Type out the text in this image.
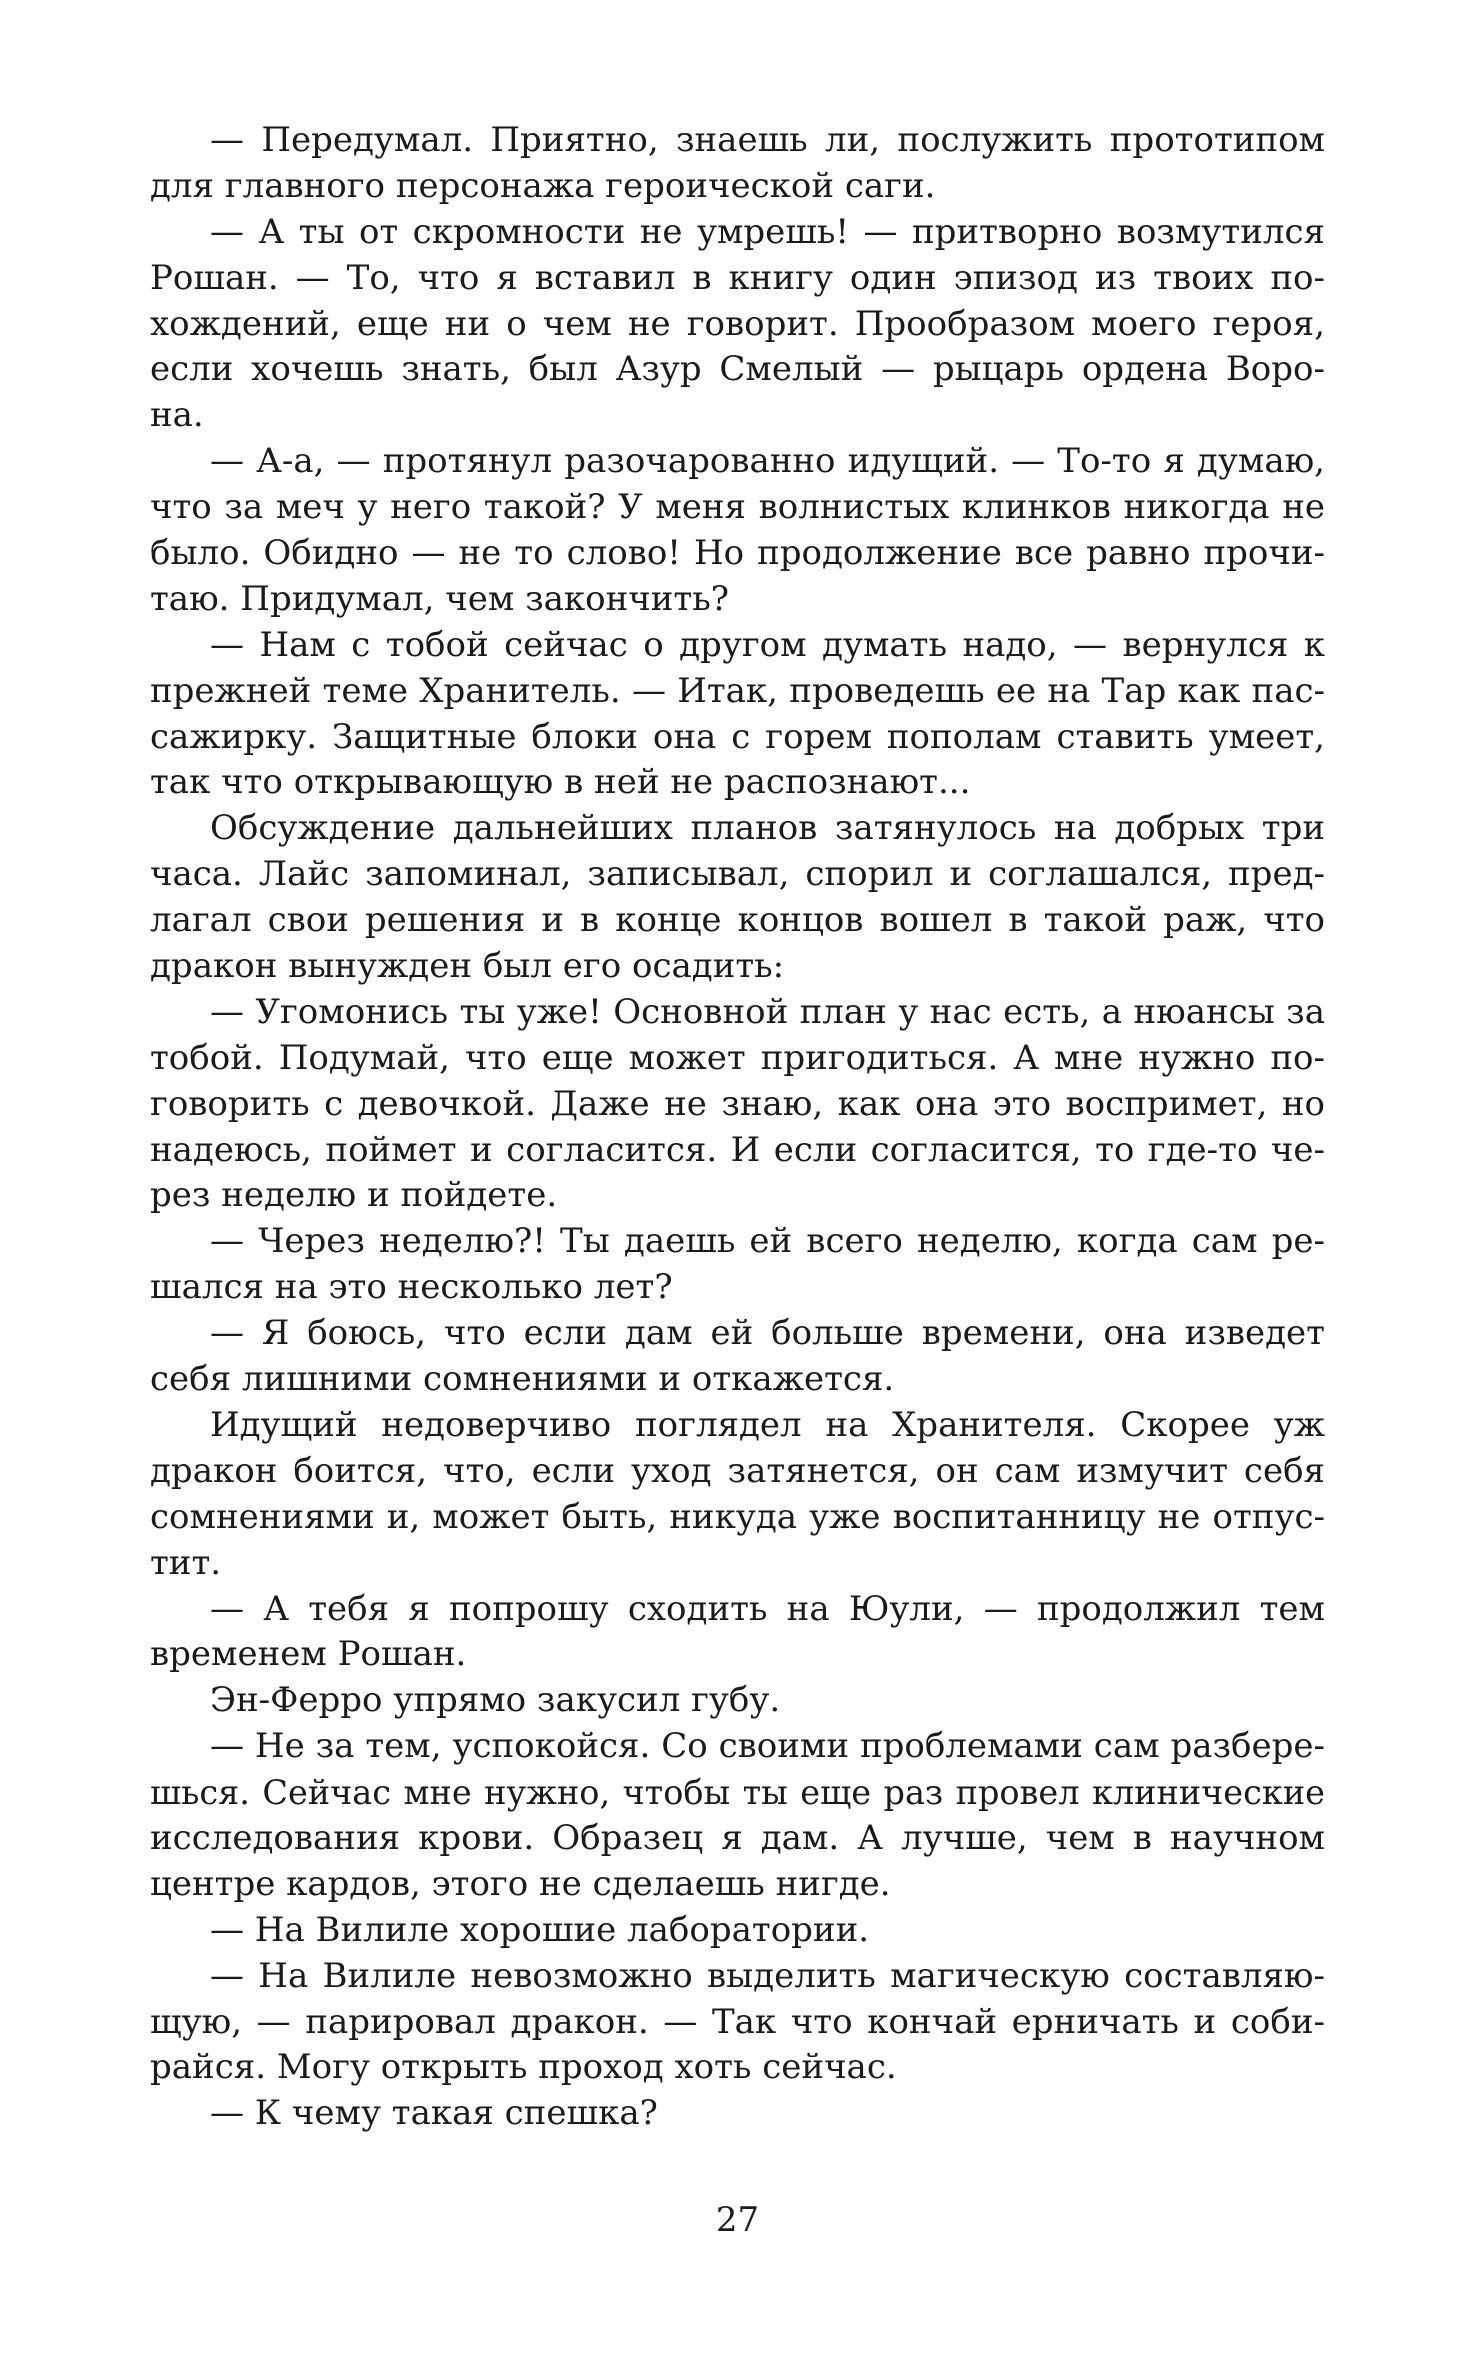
— Передумал. Приятно, знаешь ли, послужить прототипом
для главного персонажа героической саги.
— А ты от скромности не умрешь! — притворно возмутился
Рошан. — То, что я вставил в книгу один эпизод из твоих по-
хождений, еще ни о чем не говорит. Прообразом моего героя,
если хочешь знать, был Азур Смелый — рыцарь ордена Воро-
на.
— А-а, — протянул разочарованно идущий. — То-то я думаю,
что за меч у него такой? У меня волнистых клинков никогда не
было. Обидно — не то слово! Но продолжение все равно прочи-
таю. Придумал, чем закончить?
— Нам с тобой сейчас о другом думать надо, — вернулся к
прежней теме Хранитель. — Итак, проведешь ее на Тар как пас-
сажирку. Защитные блоки она с горем пополам ставить умеет,
так что открывающую в ней не распознают...
Обсуждение дальнейших планов затянулось на добрых три
часа. Лайс запоминал, записывал, спорил и соглашался, пред-
лагал свои решения и в конце концов вошел в такой раж, что
дракон вынужден был его осадить:
— Угомонись ты уже! Основной план у нас есть, а нюансы за
тобой. Подумай, что еще может пригодиться. А мне нужно по-
говорить с девочкой. Даже не знаю, как она это воспримет, но
надеюсь, поймет и согласится. И если согласится, то где-то че-
рез неделю и пойдете.
— Через неделю?! Ты даешь ей всего неделю, когда сам ре-
шался на это несколько лет?
— Я боюсь, что если дам ей больше времени, она изведет
себя лишними сомнениями и откажется.
Идущий недоверчиво поглядел на Хранителя. Скорее уж
дракон боится, что, если уход затянется, он сам измучит себя
сомнениями и, может быть, никуда уже воспитанницу не отпус-
тит.
— А тебя я попрошу сходить на Юули, — продолжил тем
временем Рошан.
Эн-Ферро упрямо закусил губу.
— Не за тем, успокойся. Со своими проблемами сам разбере-
шься. Сейчас мне нужно, чтобы ты еще раз провел клинические
исследования крови. Образец я дам. А лучше, чем в научном
центре кардов, этого не сделаешь нигде.
— На Вилиле хорошие лаборатории.
— На Вилиле невозможно выделить магическую составляю-
щую, — парировал дракон. — Так что кончай ерничать и соби-
райся. Могу открыть проход хоть сейчас.
— К чему такая спешка?
27
